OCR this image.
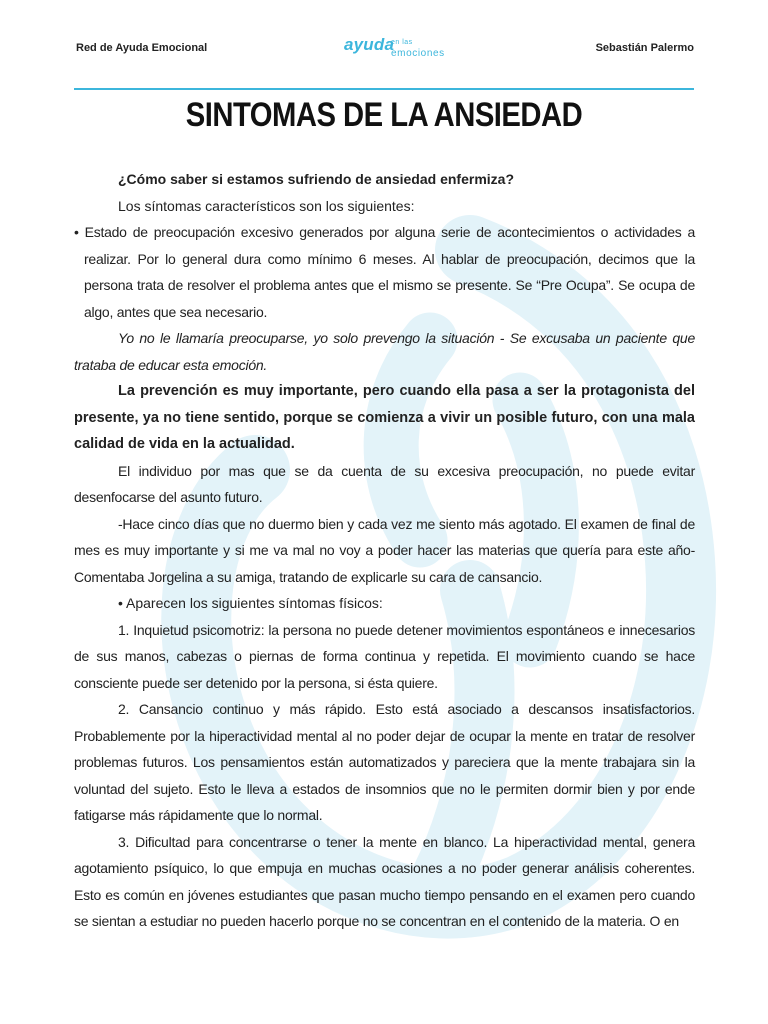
Red de Ayuda Emocional	ayuda
en las
emociones	Sebastián Palermo
SINTOMAS DE LA ANSIEDAD

¿Cómo saber si estamos sufriendo de ansiedad enfermiza?

Los síntomas característicos son los siguientes:

• Estado de preocupación excesivo generados por alguna serie de acontecimientos o actividades a realizar. Por lo general dura como mínimo 6 meses. Al hablar de preocupación, decimos que la persona trata de resolver el problema antes que el mismo se presente. Se “Pre Ocupa”. Se ocupa de algo, antes que sea necesario.

Yo no le llamaría preocuparse, yo solo prevengo la situación - Se excusaba un paciente que trataba de educar esta emoción.

La prevención es muy importante, pero cuando ella pasa a ser la protagonista del presente, ya no tiene sentido, porque se comienza a vivir un posible futuro, con una mala calidad de vida en la actualidad.

El individuo por mas que se da cuenta de su excesiva preocupación, no puede evitar desenfocarse del asunto futuro.

-Hace cinco días que no duermo bien y cada vez me siento más agotado. El examen de final de mes es muy importante y si me va mal no voy a poder hacer las materias que quería para este año- Comentaba Jorgelina a su amiga, tratando de explicarle su cara de cansancio.

• Aparecen los siguientes síntomas físicos:

1. Inquietud psicomotriz: la persona no puede detener movimientos espontáneos e innecesarios de sus manos, cabezas o piernas de forma continua y repetida. El movimiento cuando se hace consciente puede ser detenido por la persona, si ésta quiere.

2. Cansancio continuo y más rápido. Esto está asociado a descansos insatisfactorios. Probablemente por la hiperactividad mental al no poder dejar de ocupar la mente en tratar de resolver problemas futuros. Los pensamientos están automatizados y pareciera que la mente trabajara sin la voluntad del sujeto. Esto le lleva a estados de insomnios que no le permiten dormir bien y por ende fatigarse más rápidamente que lo normal.

3. Dificultad para concentrarse o tener la mente en blanco. La hiperactividad mental, genera agotamiento psíquico, lo que empuja en muchas ocasiones a no poder generar análisis coherentes. Esto es común en jóvenes estudiantes que pasan mucho tiempo pensando en el examen pero cuando se sientan a estudiar no pueden hacerlo porque no se concentran en el contenido de la materia. O en
